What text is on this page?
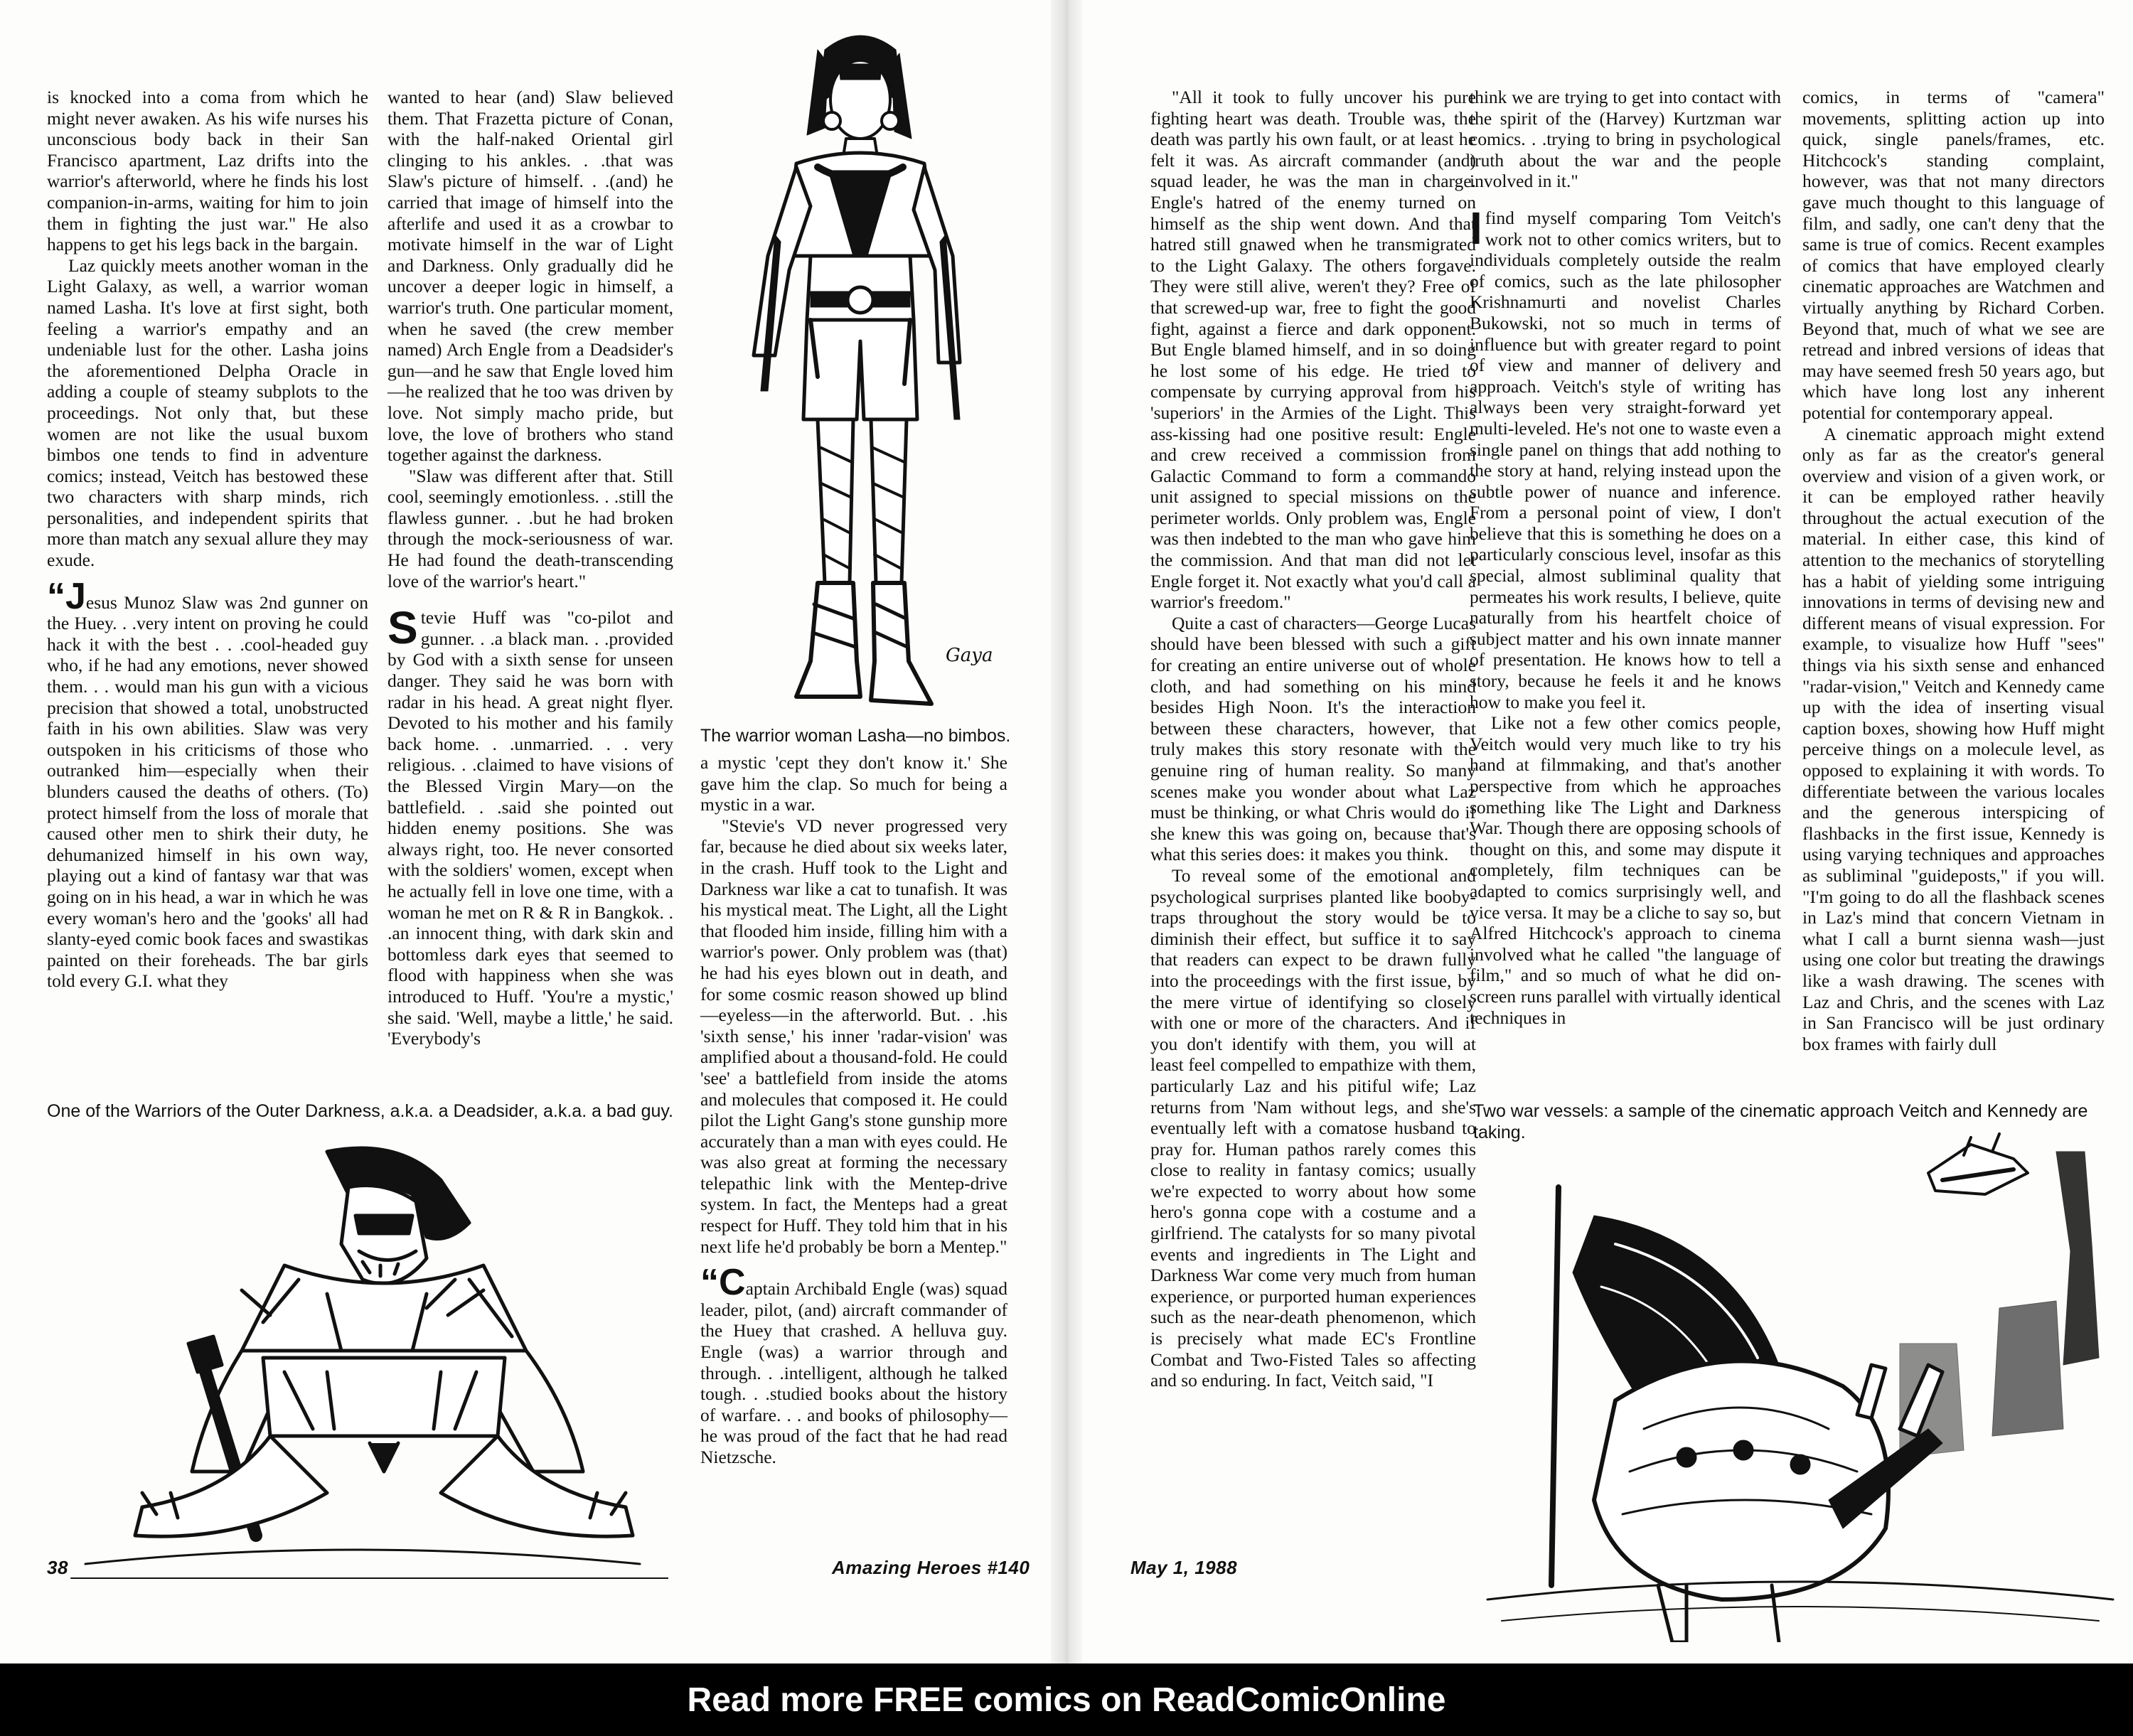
is knocked into a coma from which he might never awaken. As his wife nurses his unconscious body back in their San Francisco apartment, Laz drifts into the warrior's afterworld, where he finds his lost companion-in-arms, waiting for him to join them in fighting the just war." He also happens to get his legs back in the bargain.

Laz quickly meets another woman in the Light Galaxy, as well, a warrior woman named Lasha. It's love at first sight, both feeling a warrior's empathy and an undeniable lust for the other. Lasha joins the aforementioned Delpha Oracle in adding a couple of steamy subplots to the proceedings. Not only that, but these women are not like the usual buxom bimbos one tends to find in adventure comics; instead, Veitch has bestowed these two characters with sharp minds, rich personalities, and independent spirits that more than match any sexual allure they may exude.

“Jesus Munoz Slaw was 2nd gunner on the Huey. . .very intent on proving he could hack it with the best . . .cool-headed guy who, if he had any emotions, never showed them. . . would man his gun with a vicious precision that showed a total, unobstructed faith in his own abilities. Slaw was very outspoken in his criticisms of those who outranked him—especially when their blunders caused the deaths of others. (To) protect himself from the loss of morale that caused other men to shirk their duty, he dehumanized himself in his own way, playing out a kind of fantasy war that was going on in his head, a war in which he was every woman's hero and the 'gooks' all had slanty-eyed comic book faces and swastikas painted on their foreheads. The bar girls told every G.I. what they

wanted to hear (and) Slaw believed them. That Frazetta picture of Conan, with the half-naked Oriental girl clinging to his ankles. . .that was Slaw's picture of himself. . .(and) he carried that image of himself into the afterlife and used it as a crowbar to motivate himself in the war of Light and Darkness. Only gradually did he uncover a deeper logic in himself, a warrior's truth. One particular moment, when he saved (the crew member named) Arch Engle from a Deadsider's gun—and he saw that Engle loved him—he realized that he too was driven by love. Not simply macho pride, but love, the love of brothers who stand together against the darkness.

"Slaw was different after that. Still cool, seemingly emotionless. . .still the flawless gunner. . .but he had broken through the mock-seriousness of war. He had found the death-transcending love of the warrior's heart."

Stevie Huff was "co-pilot and gunner. . .a black man. . .provided by God with a sixth sense for unseen danger. They said he was born with radar in his head. A great night flyer. Devoted to his mother and his family back home. . .unmarried. . . very religious. . .claimed to have visions of the Blessed Virgin Mary—on the battlefield. . .said she pointed out hidden enemy positions. She was always right, too. He never consorted with the soldiers' women, except when he actually fell in love one time, with a woman he met on R & R in Bangkok. . .an innocent thing, with dark skin and bottomless dark eyes that seemed to flood with happiness when she was introduced to Huff. 'You're a mystic,' she said. 'Well, maybe a little,' he said. 'Everybody's

Gaya
The warrior woman Lasha—no bimbos.

a mystic 'cept they don't know it.' She gave him the clap. So much for being a mystic in a war.

"Stevie's VD never progressed very far, because he died about six weeks later, in the crash. Huff took to the Light and Darkness war like a cat to tunafish. It was his mystical meat. The Light, all the Light that flooded him inside, filling him with a warrior's power. Only problem was (that) he had his eyes blown out in death, and for some cosmic reason showed up blind—eyeless—in the afterworld. But. . .his 'sixth sense,' his inner 'radar-vision' was amplified about a thousand-fold. He could 'see' a battlefield from inside the atoms and molecules that composed it. He could pilot the Light Gang's stone gunship more accurately than a man with eyes could. He was also great at forming the necessary telepathic link with the Mentep-drive system. In fact, the Menteps had a great respect for Huff. They told him that in his next life he'd probably be born a Mentep."

“Captain Archibald Engle (was) squad leader, pilot, (and) aircraft commander of the Huey that crashed. A helluva guy. Engle (was) a warrior through and through. . .intelligent, although he talked tough. . .studied books about the history of warfare. . . and books of philosophy—he was proud of the fact that he had read Nietzsche.

One of the Warriors of the Outer Darkness, a.k.a. a Deadsider, a.k.a. a bad guy.
38	Amazing Heroes #140

"All it took to fully uncover his pure fighting heart was death. Trouble was, the death was partly his own fault, or at least he felt it was. As aircraft commander (and) squad leader, he was the man in charge. Engle's hatred of the enemy turned on himself as the ship went down. And that hatred still gnawed when he transmigrated to the Light Galaxy. The others forgave. They were still alive, weren't they? Free of that screwed-up war, free to fight the good fight, against a fierce and dark opponent. But Engle blamed himself, and in so doing he lost some of his edge. He tried to compensate by currying approval from his 'superiors' in the Armies of the Light. This ass-kissing had one positive result: Engle and crew received a commission from Galactic Command to form a commando unit assigned to special missions on the perimeter worlds. Only problem was, Engle was then indebted to the man who gave him the commission. And that man did not let Engle forget it. Not exactly what you'd call a warrior's freedom."

Quite a cast of characters—George Lucas should have been blessed with such a gift for creating an entire universe out of whole cloth, and had something on his mind besides High Noon. It's the interaction between these characters, however, that truly makes this story resonate with the genuine ring of human reality. So many scenes make you wonder about what Laz must be thinking, or what Chris would do if she knew this was going on, because that's what this series does: it makes you think.

To reveal some of the emotional and psychological surprises planted like booby-traps throughout the story would be to diminish their effect, but suffice it to say that readers can expect to be drawn fully into the proceedings with the first issue, by the mere virtue of identifying so closely with one or more of the characters. And if you don't identify with them, you will at least feel compelled to empathize with them, particularly Laz and his pitiful wife; Laz returns from 'Nam without legs, and she's eventually left with a comatose husband to pray for. Human pathos rarely comes this close to reality in fantasy comics; usually we're expected to worry about how some hero's gonna cope with a costume and a girlfriend. The catalysts for so many pivotal events and ingredients in The Light and Darkness War come very much from human experience, or purported human experiences such as the near-death phenomenon, which is precisely what made EC's Frontline Combat and Two-Fisted Tales so affecting and so enduring. In fact, Veitch said, "I

think we are trying to get into contact with the spirit of the (Harvey) Kurtzman war comics. . .trying to bring in psychological truth about the war and the people involved in it."

Ifind myself comparing Tom Veitch's work not to other comics writers, but to individuals completely outside the realm of comics, such as the late philosopher Krishnamurti and novelist Charles Bukowski, not so much in terms of influence but with greater regard to point of view and manner of delivery and approach. Veitch's style of writing has always been very straight-forward yet multi-leveled. He's not one to waste even a single panel on things that add nothing to the story at hand, relying instead upon the subtle power of nuance and inference. From a personal point of view, I don't believe that this is something he does on a particularly conscious level, insofar as this special, almost subliminal quality that permeates his work results, I believe, quite naturally from his heartfelt choice of subject matter and his own innate manner of presentation. He knows how to tell a story, because he feels it and he knows how to make you feel it.

Like not a few other comics people, Veitch would very much like to try his hand at filmmaking, and that's another perspective from which he approaches something like The Light and Darkness War. Though there are opposing schools of thought on this, and some may dispute it completely, film techniques can be adapted to comics surprisingly well, and vice versa. It may be a cliche to say so, but Alfred Hitchcock's approach to cinema involved what he called "the language of film," and so much of what he did on-screen runs parallel with virtually identical techniques in

comics, in terms of "camera" movements, splitting action up into quick, single panels/frames, etc. Hitchcock's standing complaint, however, was that not many directors gave much thought to this language of film, and sadly, one can't deny that the same is true of comics. Recent examples of comics that have employed clearly cinematic approaches are Watchmen and virtually anything by Richard Corben. Beyond that, much of what we see are retread and inbred versions of ideas that may have seemed fresh 50 years ago, but which have long lost any inherent potential for contemporary appeal.

A cinematic approach might extend only as far as the creator's general overview and vision of a given work, or it can be employed rather heavily throughout the actual execution of the material. In either case, this kind of attention to the mechanics of storytelling has a habit of yielding some intriguing innovations in terms of devising new and different means of visual expression. For example, to visualize how Huff "sees" things via his sixth sense and enhanced "radar-vision," Veitch and Kennedy came up with the idea of inserting visual caption boxes, showing how Huff might perceive things on a molecule level, as opposed to explaining it with words. To differentiate between the various locales and the generous interspicing of flashbacks in the first issue, Kennedy is using varying techniques and approaches as subliminal "guideposts," if you will. "I'm going to do all the flashback scenes in Laz's mind that concern Vietnam in what I call a burnt sienna wash—just using one color but treating the drawings like a wash drawing. The scenes with Laz and Chris, and the scenes with Laz in San Francisco will be just ordinary box frames with fairly dull

Two war vessels: a sample of the cinematic approach Veitch and Kennedy are taking.
May 1, 1988
Read more FREE comics on ReadComicOnline
